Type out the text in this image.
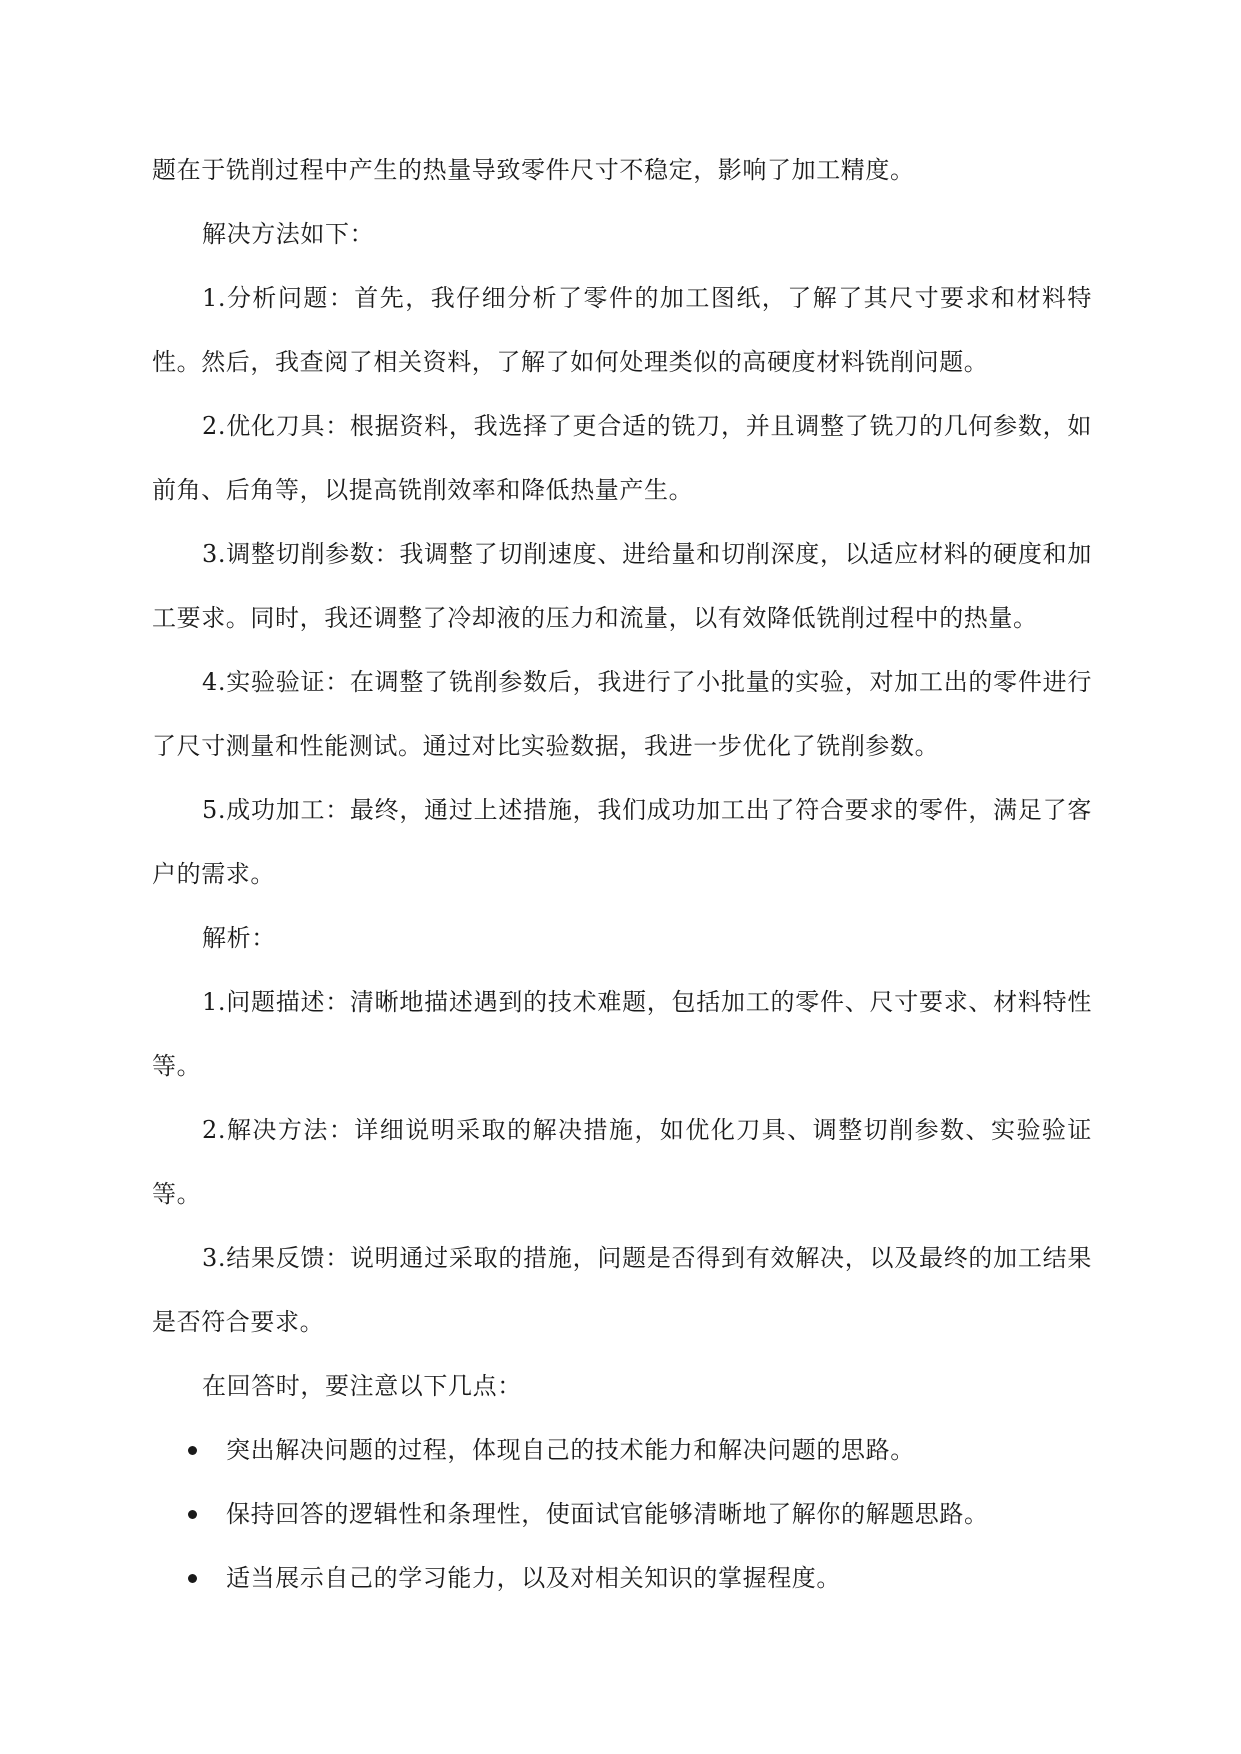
题在于铣削过程中产生的热量导致零件尺寸不稳定，影响了加工精度。

解决方法如下：

1.分析问题：首先，我仔细分析了零件的加工图纸，了解了其尺寸要求和材料特性。然后，我查阅了相关资料，了解了如何处理类似的高硬度材料铣削问题。

2.优化刀具：根据资料，我选择了更合适的铣刀，并且调整了铣刀的几何参数，如前角、后角等，以提高铣削效率和降低热量产生。

3.调整切削参数：我调整了切削速度、进给量和切削深度，以适应材料的硬度和加工要求。同时，我还调整了冷却液的压力和流量，以有效降低铣削过程中的热量。

4.实验验证：在调整了铣削参数后，我进行了小批量的实验，对加工出的零件进行了尺寸测量和性能测试。通过对比实验数据，我进一步优化了铣削参数。

5.成功加工：最终，通过上述措施，我们成功加工出了符合要求的零件，满足了客户的需求。

解析：

1.问题描述：清晰地描述遇到的技术难题，包括加工的零件、尺寸要求、材料特性等。

2.解决方法：详细说明采取的解决措施，如优化刀具、调整切削参数、实验验证等。

3.结果反馈：说明通过采取的措施，问题是否得到有效解决，以及最终的加工结果是否符合要求。

在回答时，要注意以下几点：

突出解决问题的过程，体现自己的技术能力和解决问题的思路。
保持回答的逻辑性和条理性，使面试官能够清晰地了解你的解题思路。
适当展示自己的学习能力，以及对相关知识的掌握程度。
